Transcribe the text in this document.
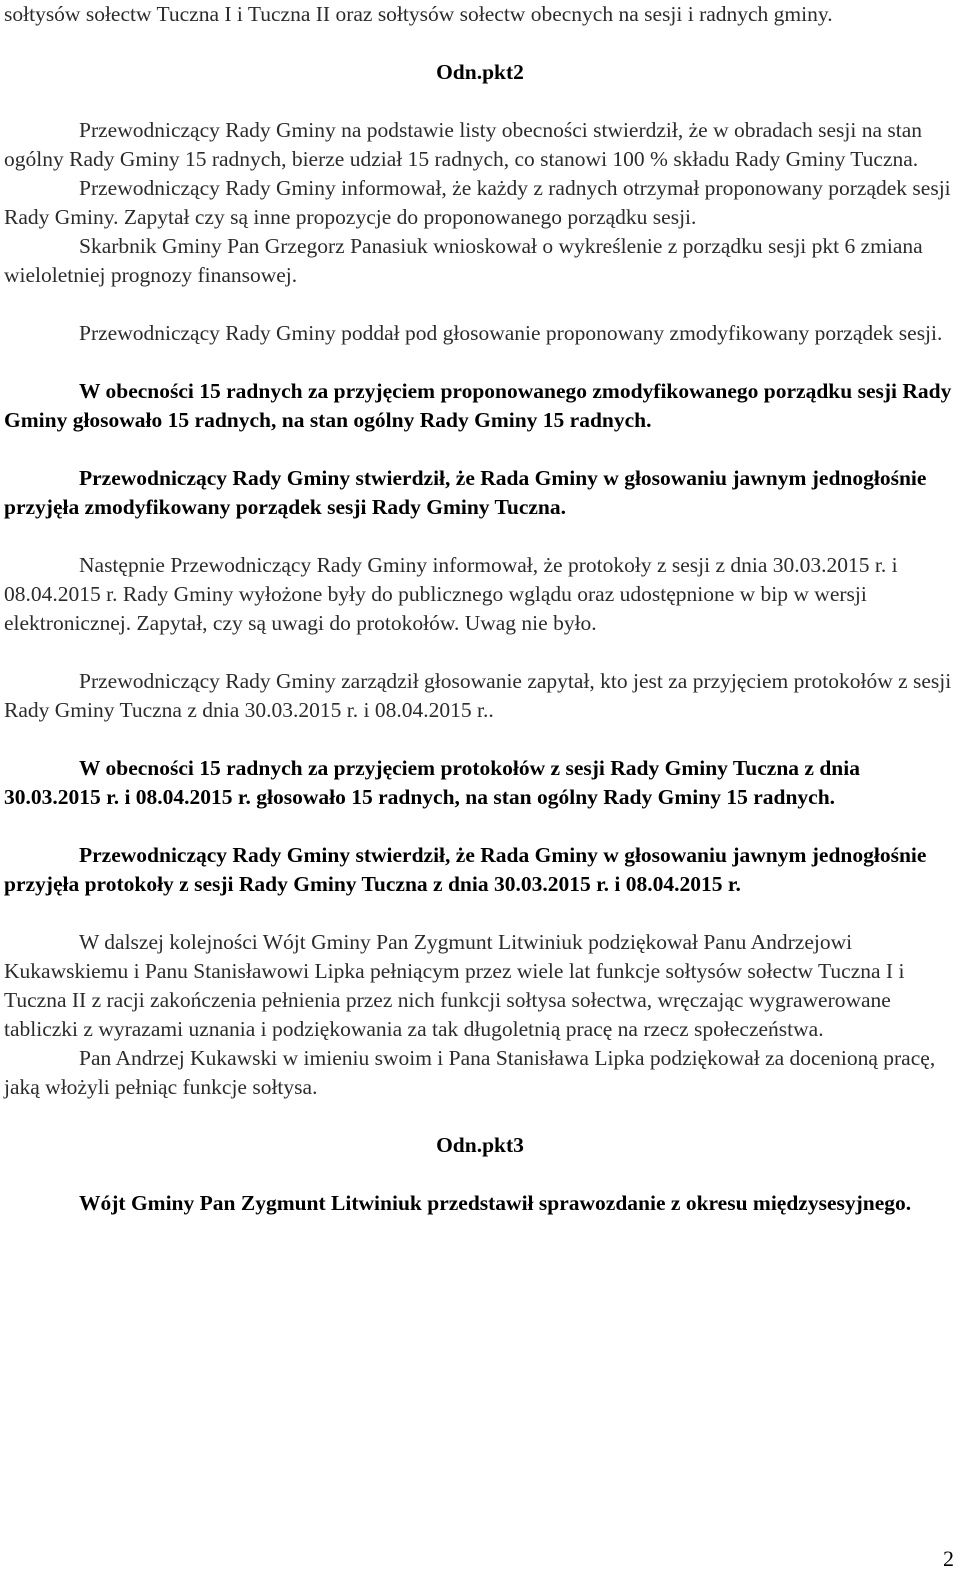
sołtysów sołectw Tuczna I i Tuczna II oraz sołtysów sołectw obecnych na sesji i radnych gminy.

Odn.pkt2

Przewodniczący Rady Gminy na podstawie listy obecności stwierdził, że w obradach sesji na stan ogólny Rady Gminy 15 radnych, bierze udział 15 radnych, co stanowi 100 % składu Rady Gminy Tuczna.

Przewodniczący Rady Gminy informował, że każdy z radnych otrzymał proponowany porządek sesji Rady Gminy. Zapytał czy są inne propozycje do proponowanego porządku sesji.

Skarbnik Gminy Pan Grzegorz Panasiuk wnioskował o wykreślenie z porządku sesji pkt 6 zmiana wieloletniej prognozy finansowej.

Przewodniczący Rady Gminy poddał pod głosowanie proponowany zmodyfikowany porządek sesji.

W obecności 15 radnych za przyjęciem proponowanego zmodyfikowanego porządku sesji Rady Gminy głosowało 15 radnych, na stan ogólny Rady Gminy 15 radnych.

Przewodniczący Rady Gminy stwierdził, że Rada Gminy w głosowaniu jawnym jednogłośnie przyjęła zmodyfikowany porządek sesji Rady Gminy Tuczna.

Następnie Przewodniczący Rady Gminy informował, że protokoły z sesji z dnia 30.03.2015 r. i 08.04.2015 r. Rady Gminy wyłożone były do publicznego wglądu oraz udostępnione w bip w wersji elektronicznej. Zapytał, czy są uwagi do protokołów. Uwag nie było.

Przewodniczący Rady Gminy zarządził głosowanie zapytał, kto jest za przyjęciem protokołów z sesji Rady Gminy Tuczna z dnia 30.03.2015 r. i 08.04.2015 r..

W obecności 15 radnych za przyjęciem protokołów z sesji Rady Gminy Tuczna z dnia 30.03.2015 r. i 08.04.2015 r. głosowało 15 radnych, na stan ogólny Rady Gminy 15 radnych.

Przewodniczący Rady Gminy stwierdził, że Rada Gminy w głosowaniu jawnym jednogłośnie przyjęła protokoły z sesji Rady Gminy Tuczna z dnia 30.03.2015 r. i 08.04.2015 r.

W dalszej kolejności Wójt Gminy Pan Zygmunt Litwiniuk podziękował Panu Andrzejowi Kukawskiemu i Panu Stanisławowi Lipka pełniącym przez wiele lat funkcje sołtysów sołectw Tuczna I i Tuczna II z racji zakończenia pełnienia przez nich funkcji sołtysa sołectwa, wręczając wygrawerowane tabliczki z wyrazami uznania i podziękowania za tak długoletnią pracę na rzecz społeczeństwa.

Pan Andrzej Kukawski w imieniu swoim i Pana Stanisława Lipka podziękował za docenioną pracę, jaką włożyli pełniąc funkcje sołtysa.

Odn.pkt3

Wójt Gminy Pan Zygmunt Litwiniuk przedstawił sprawozdanie z okresu międzysesyjnego.

2
